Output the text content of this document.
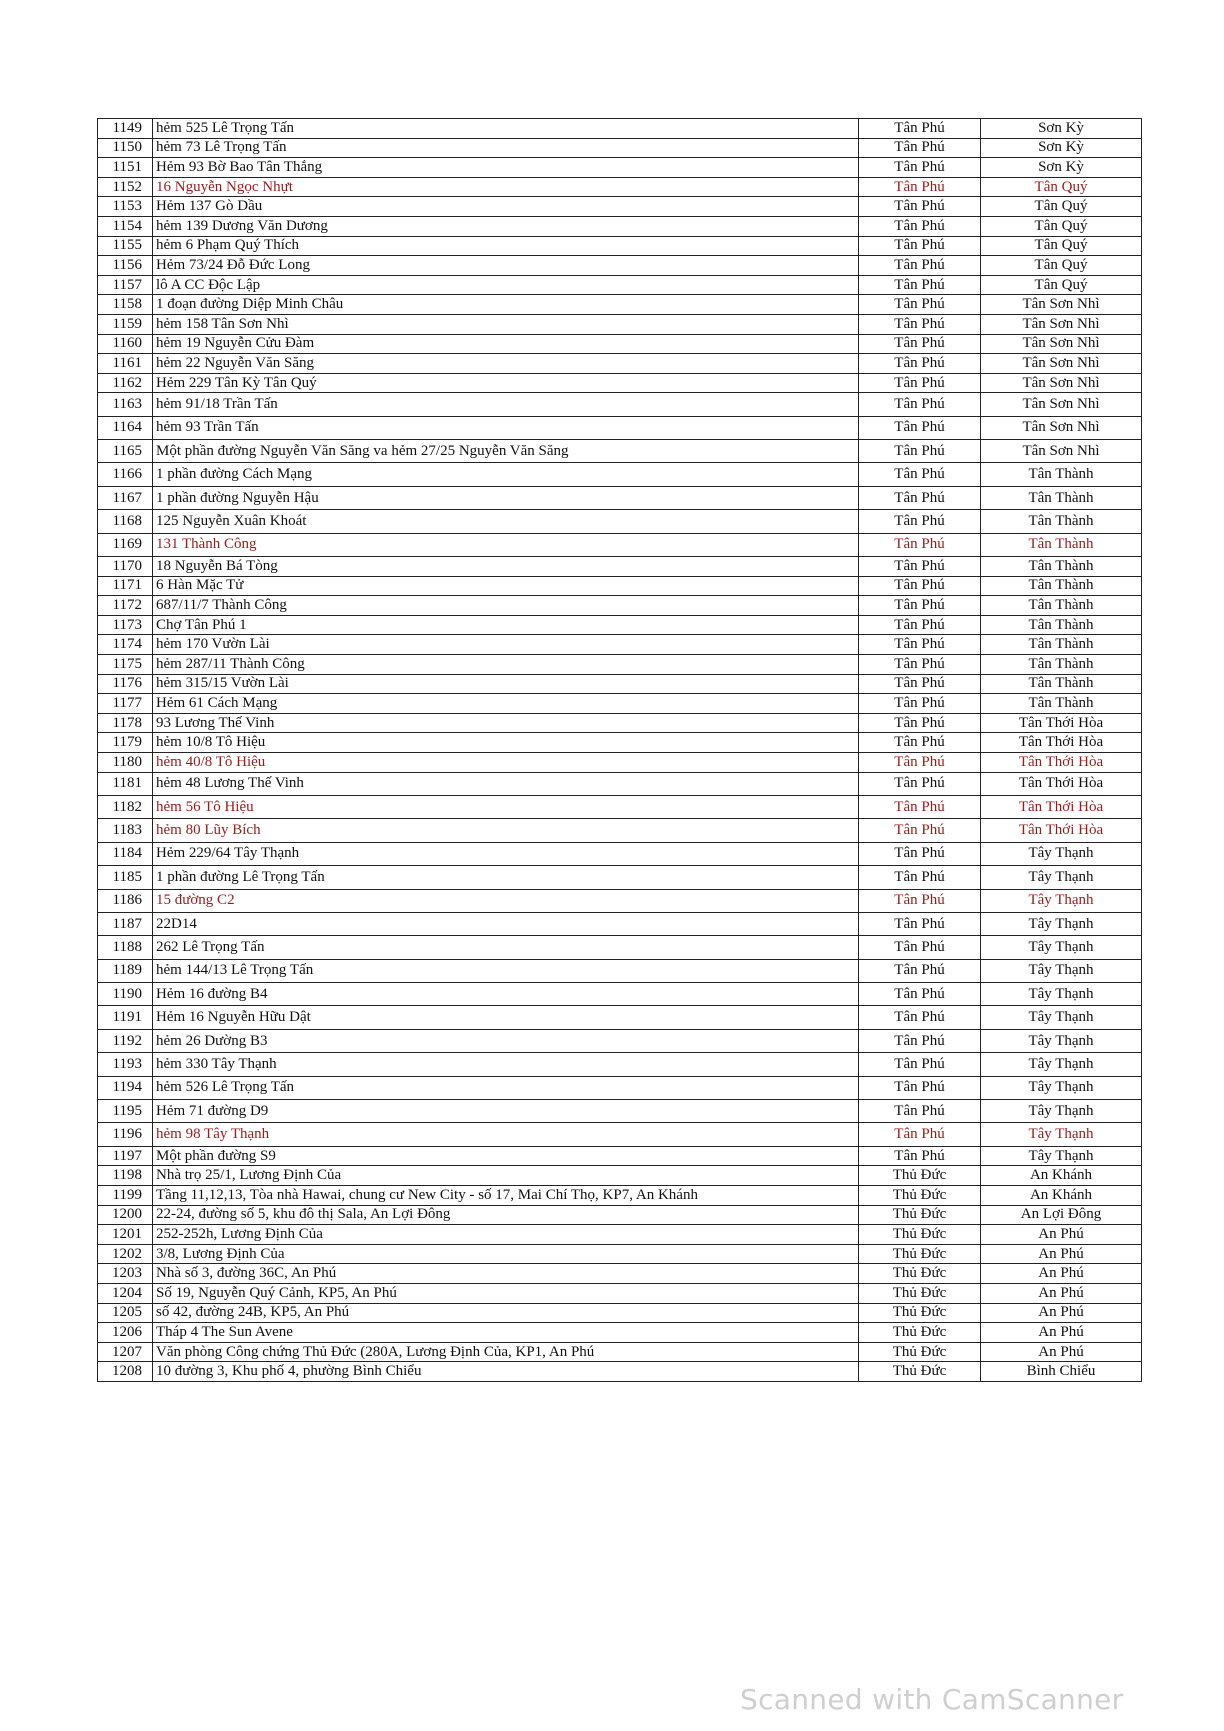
1149	hẻm 525 Lê Trọng Tấn	Tân Phú	Sơn Kỳ
1150	hẻm 73 Lê Trọng Tấn	Tân Phú	Sơn Kỳ
1151	Hẻm 93 Bờ Bao Tân Thắng	Tân Phú	Sơn Kỳ
1152	16 Nguyễn Ngọc Nhựt	Tân Phú	Tân Quý
1153	Hẻm 137 Gò Dầu	Tân Phú	Tân Quý
1154	hẻm 139 Dương Văn Dương	Tân Phú	Tân Quý
1155	hẻm 6 Phạm Quý Thích	Tân Phú	Tân Quý
1156	Hẻm 73/24 Đỗ Đức Long	Tân Phú	Tân Quý
1157	lô A CC Độc Lập	Tân Phú	Tân Quý
1158	1 đoạn đường Diệp Minh Châu	Tân Phú	Tân Sơn Nhì
1159	hẻm 158 Tân Sơn Nhì	Tân Phú	Tân Sơn Nhì
1160	hẻm 19 Nguyễn Cửu Đàm	Tân Phú	Tân Sơn Nhì
1161	hẻm 22 Nguyễn Văn Săng	Tân Phú	Tân Sơn Nhì
1162	Hẻm 229 Tân Kỳ Tân Quý	Tân Phú	Tân Sơn Nhì
1163	hẻm 91/18 Trần Tấn	Tân Phú	Tân Sơn Nhì
1164	hẻm 93 Trần Tấn	Tân Phú	Tân Sơn Nhì
1165	Một phần đường Nguyễn Văn Săng va hẻm 27/25 Nguyễn Văn Săng	Tân Phú	Tân Sơn Nhì
1166	1 phần đường Cách Mạng	Tân Phú	Tân Thành
1167	1 phần đường Nguyễn Hậu	Tân Phú	Tân Thành
1168	125 Nguyễn Xuân Khoát	Tân Phú	Tân Thành
1169	131 Thành Công	Tân Phú	Tân Thành
1170	18 Nguyễn Bá Tòng	Tân Phú	Tân Thành
1171	6 Hàn Mặc Tử	Tân Phú	Tân Thành
1172	687/11/7 Thành Công	Tân Phú	Tân Thành
1173	Chợ Tân Phú 1	Tân Phú	Tân Thành
1174	hẻm 170 Vườn Lài	Tân Phú	Tân Thành
1175	hẻm 287/11 Thành Công	Tân Phú	Tân Thành
1176	hẻm 315/15 Vườn Lài	Tân Phú	Tân Thành
1177	Hẻm 61 Cách Mạng	Tân Phú	Tân Thành
1178	93 Lương Thế Vinh	Tân Phú	Tân Thới Hòa
1179	hẻm 10/8 Tô Hiệu	Tân Phú	Tân Thới Hòa
1180	hẻm 40/8 Tô Hiệu	Tân Phú	Tân Thới Hòa
1181	hẻm 48 Lương Thế Vinh	Tân Phú	Tân Thới Hòa
1182	hẻm 56 Tô Hiệu	Tân Phú	Tân Thới Hòa
1183	hẻm 80 Lũy Bích	Tân Phú	Tân Thới Hòa
1184	Hẻm 229/64 Tây Thạnh	Tân Phú	Tây Thạnh
1185	1 phần đường Lê Trọng Tấn	Tân Phú	Tây Thạnh
1186	15 đường C2	Tân Phú	Tây Thạnh
1187	22D14	Tân Phú	Tây Thạnh
1188	262 Lê Trọng Tấn	Tân Phú	Tây Thạnh
1189	hẻm 144/13 Lê Trọng Tấn	Tân Phú	Tây Thạnh
1190	Hẻm 16 đường B4	Tân Phú	Tây Thạnh
1191	Hẻm 16 Nguyễn Hữu Dật	Tân Phú	Tây Thạnh
1192	hẻm 26 Dường B3	Tân Phú	Tây Thạnh
1193	hẻm 330 Tây Thạnh	Tân Phú	Tây Thạnh
1194	hẻm 526 Lê Trọng Tấn	Tân Phú	Tây Thạnh
1195	Hẻm 71 đường D9	Tân Phú	Tây Thạnh
1196	hẻm 98 Tây Thạnh	Tân Phú	Tây Thạnh
1197	Một phần đường S9	Tân Phú	Tây Thạnh
1198	Nhà trọ 25/1, Lương Định Của	Thủ Đức	An Khánh
1199	Tầng 11,12,13, Tòa nhà Hawai, chung cư New City - số 17, Mai Chí Thọ, KP7, An Khánh	Thủ Đức	An Khánh
1200	22-24, đường số 5, khu đô thị Sala, An Lợi Đông	Thủ Đức	An Lợi Đông
1201	252-252h, Lương Định Của	Thủ Đức	An Phú
1202	3/8, Lương Định Của	Thủ Đức	An Phú
1203	Nhà số 3, đường 36C, An Phú	Thủ Đức	An Phú
1204	Số 19, Nguyễn Quý Cảnh, KP5, An Phú	Thủ Đức	An Phú
1205	số 42, đường 24B, KP5, An Phú	Thủ Đức	An Phú
1206	Tháp 4 The Sun Avene	Thủ Đức	An Phú
1207	Văn phòng Công chứng Thủ Đức (280A, Lương Định Của, KP1, An Phú	Thủ Đức	An Phú
1208	10 đường 3, Khu phố 4, phường Bình Chiểu	Thủ Đức	Bình Chiểu
Scanned with CamScanner
